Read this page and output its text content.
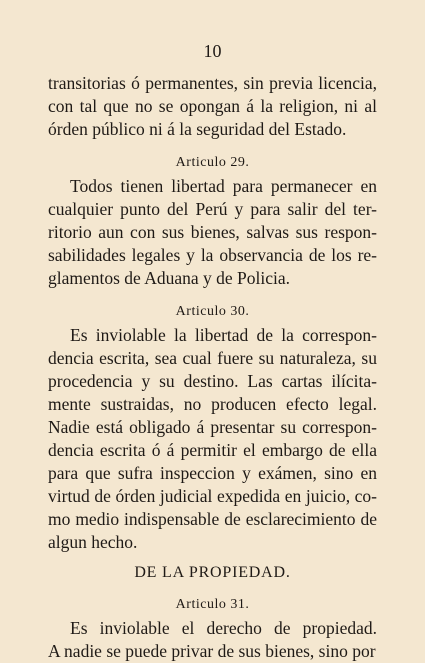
10
transitorias ó permanentes, sin previa licencia,
con tal que no se opongan á la religion, ni al
órden público ni á la seguridad del Estado.
Articulo 29.
Todos tienen libertad para permanecer en
cualquier punto del Perú y para salir del ter-
ritorio aun con sus bienes, salvas sus respon-
sabilidades legales y la observancia de los re-
glamentos de Aduana y de Policia.
Articulo 30.
Es inviolable la libertad de la correspon-
dencia escrita, sea cual fuere su naturaleza, su
procedencia y su destino. Las cartas ilícita-
mente sustraidas, no producen efecto legal.
Nadie está obligado á presentar su correspon-
dencia escrita ó á permitir el embargo de ella
para que sufra inspeccion y exámen, sino en
virtud de órden judicial expedida en juicio, co-
mo medio indispensable de esclarecimiento de
algun hecho.
DE LA PROPIEDAD.
Articulo 31.
Es inviolable el derecho de propiedad.
A nadie se puede privar de sus bienes, sino por
